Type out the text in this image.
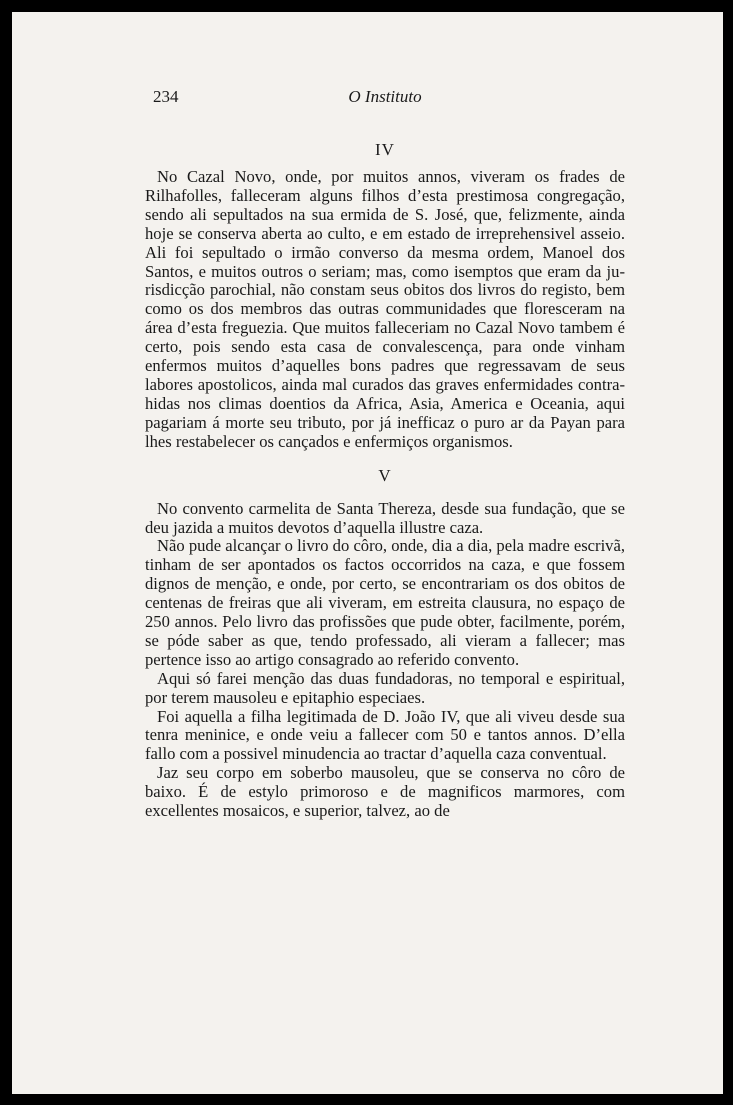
234	O Instituto
IV

No Cazal Novo, onde, por muitos annos, viveram os frades de Rilhafolles, falleceram alguns filhos d’esta prestimosa congregação, sendo ali sepultados na sua ermida de S. José, que, felizmente, ainda hoje se conserva aberta ao culto, e em estado de irreprehensivel asseio. Ali foi sepultado o irmão converso da mesma ordem, Manoel dos Santos, e muitos outros o seriam; mas, como isemptos que eram da jurisdicção parochial, não constam seus obitos dos livros do registo, bem como os dos membros das outras communidades que floresceram na área d’esta freguezia. Que muitos falleceriam no Cazal Novo tambem é certo, pois sendo esta casa de convalescença, para onde vinham enfermos muitos d’aquelles bons padres que regressavam de seus labores apostolicos, ainda mal curados das graves enfermidades contrahidas nos climas doentios da Africa, Asia, America e Oceania, aqui pagariam á morte seu tributo, por já inefficaz o puro ar da Payan para lhes restabelecer os cançados e enfermiços organismos.

V

No convento carmelita de Santa Thereza, desde sua fundação, que se deu jazida a muitos devotos d’aquella illustre caza.

Não pude alcançar o livro do côro, onde, dia a dia, pela madre escrivã, tinham de ser apontados os factos occorridos na caza, e que fossem dignos de menção, e onde, por certo, se encontrariam os dos obitos de centenas de freiras que ali viveram, em estreita clausura, no espaço de 250 annos. Pelo livro das profissões que pude obter, facilmente, porém, se póde saber as que, tendo professado, ali vieram a fallecer; mas pertence isso ao artigo consagrado ao referido convento.

Aqui só farei menção das duas fundadoras, no temporal e espiritual, por terem mausoleu e epitaphio especiaes.

Foi aquella a filha legitimada de D. João IV, que ali viveu desde sua tenra meninice, e onde veiu a fallecer com 50 e tantos annos. D’ella fallo com a possivel minudencia ao tractar d’aquella caza conventual.

Jaz seu corpo em soberbo mausoleu, que se conserva no côro de baixo. É de estylo primoroso e de magnificos marmores, com excellentes mosaicos, e superior, talvez, ao de
